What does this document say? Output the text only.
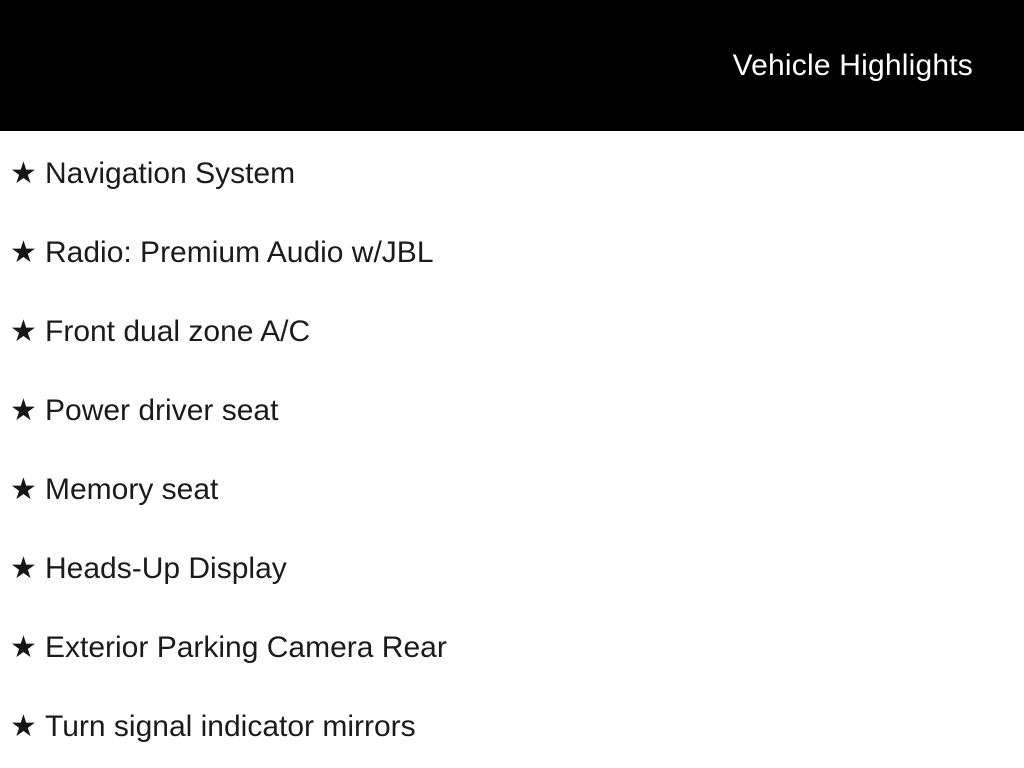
Vehicle Highlights
★ Navigation System
★ Radio: Premium Audio w/JBL
★ Front dual zone A/C
★ Power driver seat
★ Memory seat
★ Heads-Up Display
★ Exterior Parking Camera Rear
★ Turn signal indicator mirrors
